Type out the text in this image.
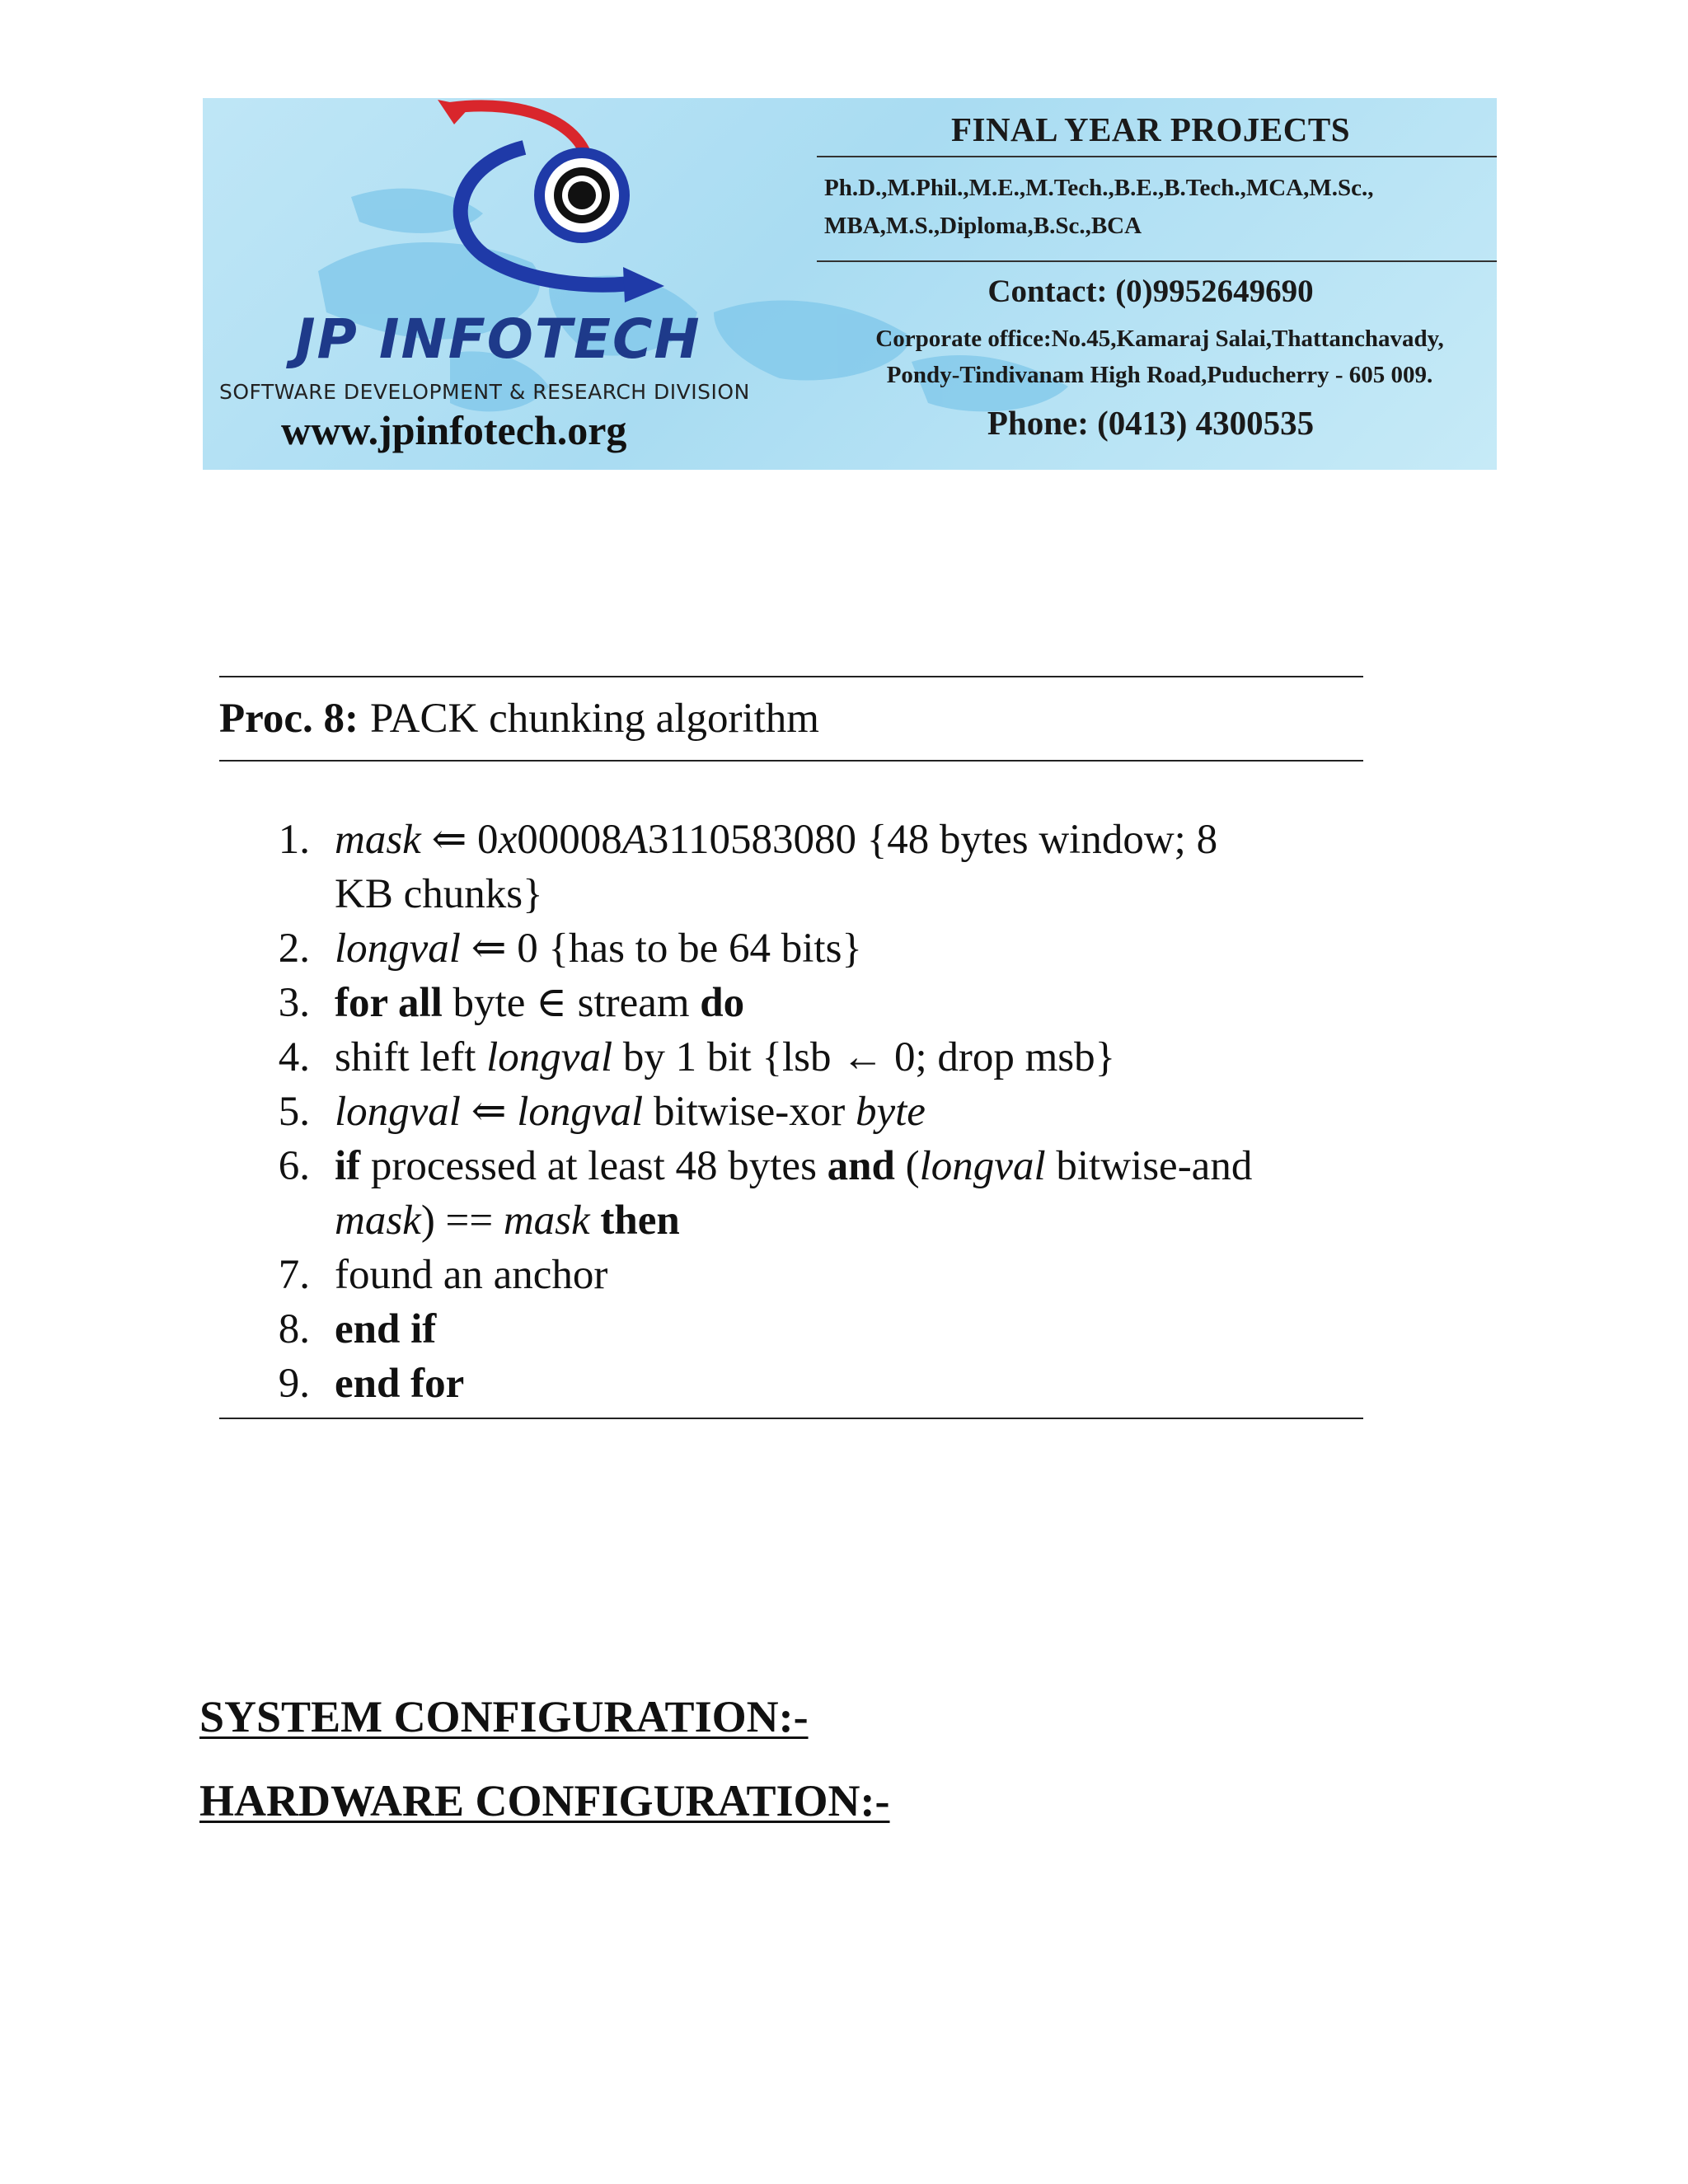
JP INFOTECH
SOFTWARE DEVELOPMENT & RESEARCH DIVISION
www.jpinfotech.org
FINAL YEAR PROJECTS
Ph.D.,M.Phil.,M.E.,M.Tech.,B.E.,B.Tech.,MCA,M.Sc.,
MBA,M.S.,Diploma,B.Sc.,BCA
Contact: (0)9952649690
Corporate office:No.45,Kamaraj Salai,Thattanchavady,
Pondy-Tindivanam High Road,Puducherry - 605 009.
Phone: (0413) 4300535
Proc. 8: PACK chunking algorithm
1. mask ⇐ 0x00008A3110583080 {48 bytes window; 8
KB chunks}
2. longval ⇐ 0 {has to be 64 bits}
3. for all byte ∈ stream do
4. shift left longval by 1 bit {lsb ← 0; drop msb}
5. longval ⇐ longval bitwise-xor byte
6. if processed at least 48 bytes and (longval bitwise-and
mask) == mask then
7. found an anchor
8. end if
9. end for
SYSTEM CONFIGURATION:-
HARDWARE CONFIGURATION:-
